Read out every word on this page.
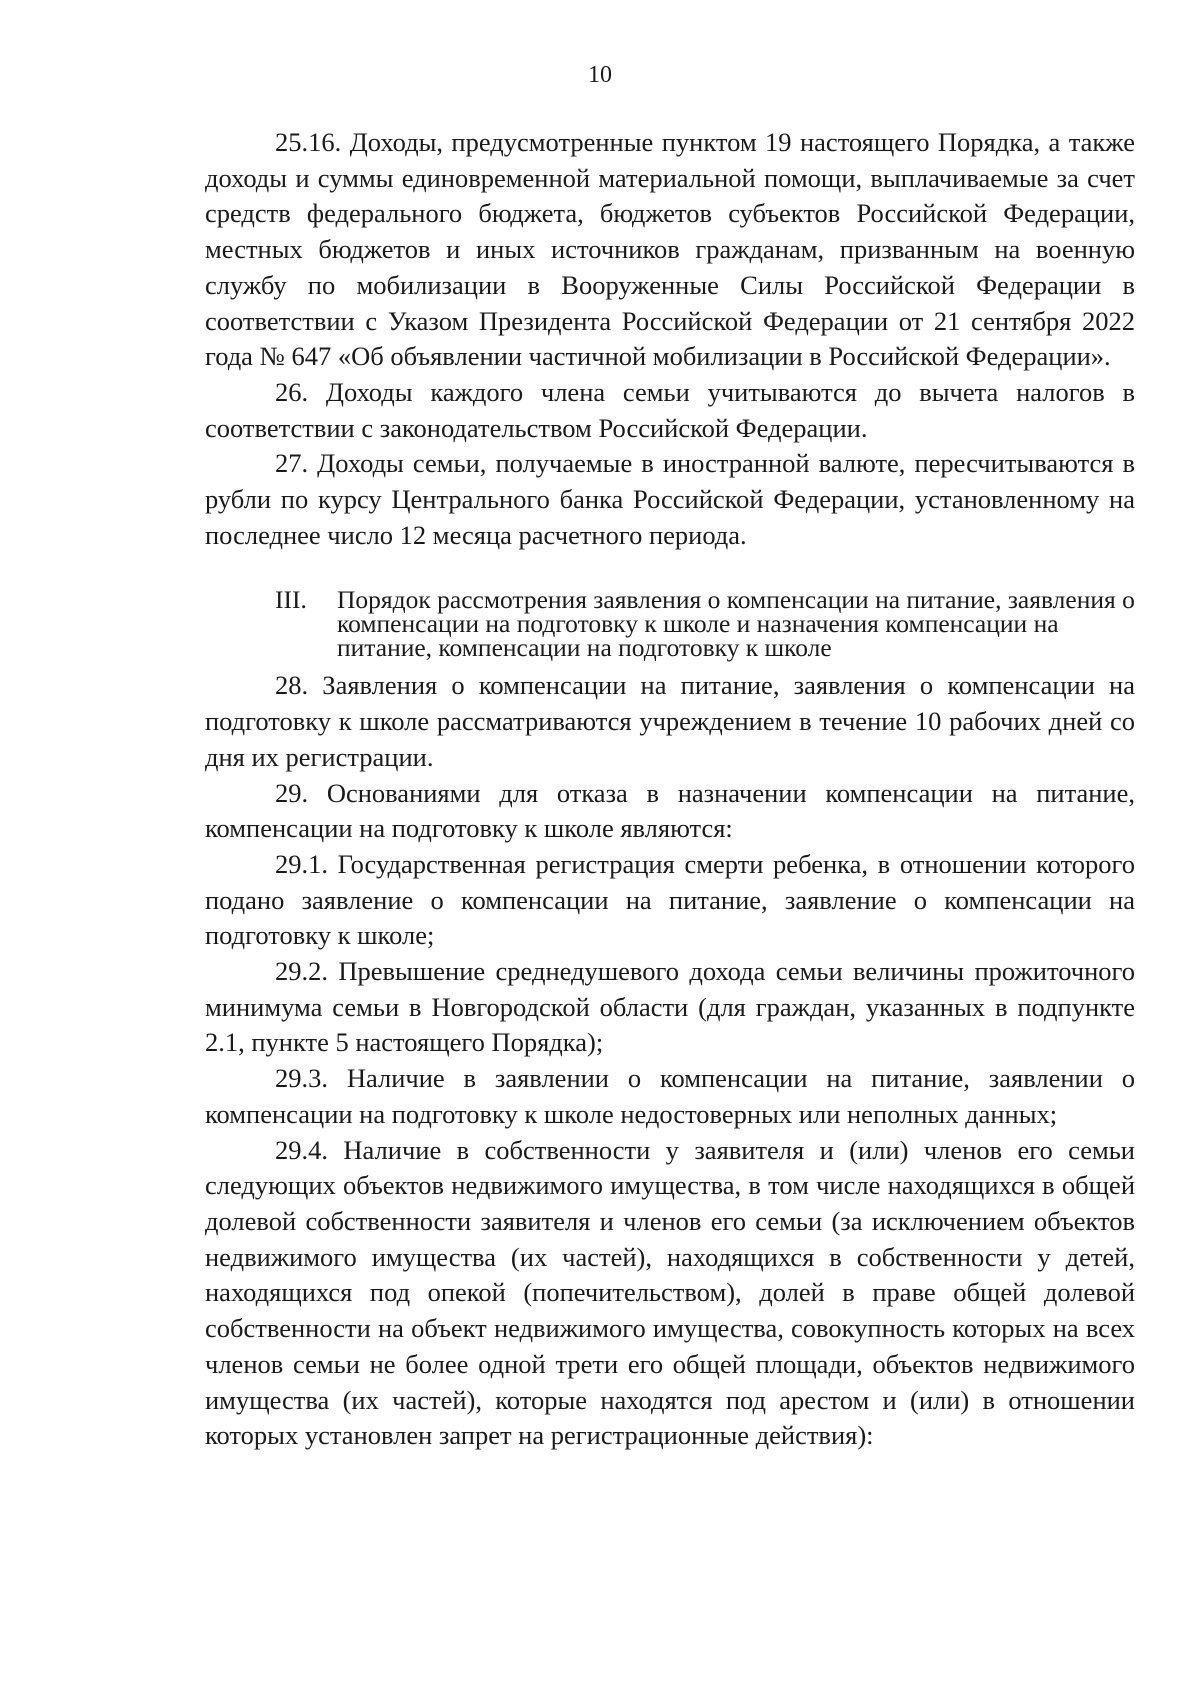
10

25.16. Доходы, предусмотренные пунктом 19 настоящего Порядка, а также доходы и суммы единовременной материальной помощи, выплачиваемые за счет средств федерального бюджета, бюджетов субъектов Российской Федерации, местных бюджетов и иных источников гражданам, призванным на военную службу по мобилизации в Вооруженные Силы Российской Федерации в соответствии с Указом Президента Российской Федерации от 21 сентября 2022 года № 647 «Об объявлении частичной мобилизации в Российской Федерации».

26. Доходы каждого члена семьи учитываются до вычета налогов в соответствии с законодательством Российской Федерации.

27. Доходы семьи, получаемые в иностранной валюте, пересчитываются в рубли по курсу Центрального банка Российской Федерации, установленному на последнее число 12 месяца расчетного периода.

III.	Порядок рассмотрения заявления о компенсации на питание, заявления о компенсации на подготовку к школе и назначения компенсации на питание, компенсации на подготовку к школе

28. Заявления о компенсации на питание, заявления о компенсации на подготовку к школе рассматриваются учреждением в течение 10 рабочих дней со дня их регистрации.

29. Основаниями для отказа в назначении компенсации на питание, компенсации на подготовку к школе являются:

29.1. Государственная регистрация смерти ребенка, в отношении которого подано заявление о компенсации на питание, заявление о компенсации на подготовку к школе;

29.2. Превышение среднедушевого дохода семьи величины прожиточного минимума семьи в Новгородской области (для граждан, указанных в подпункте 2.1, пункте 5 настоящего Порядка);

29.3. Наличие в заявлении о компенсации на питание, заявлении о компенсации на подготовку к школе недостоверных или неполных данных;

29.4. Наличие в собственности у заявителя и (или) членов его семьи следующих объектов недвижимого имущества, в том числе находящихся в общей долевой собственности заявителя и членов его семьи (за исключением объектов недвижимого имущества (их частей), находящихся в собственности у детей, находящихся под опекой (попечительством), долей в праве общей долевой собственности на объект недвижимого имущества, совокупность которых на всех членов семьи не более одной трети его общей площади, объектов недвижимого имущества (их частей), которые находятся под арестом и (или) в отношении которых установлен запрет на регистрационные действия):
